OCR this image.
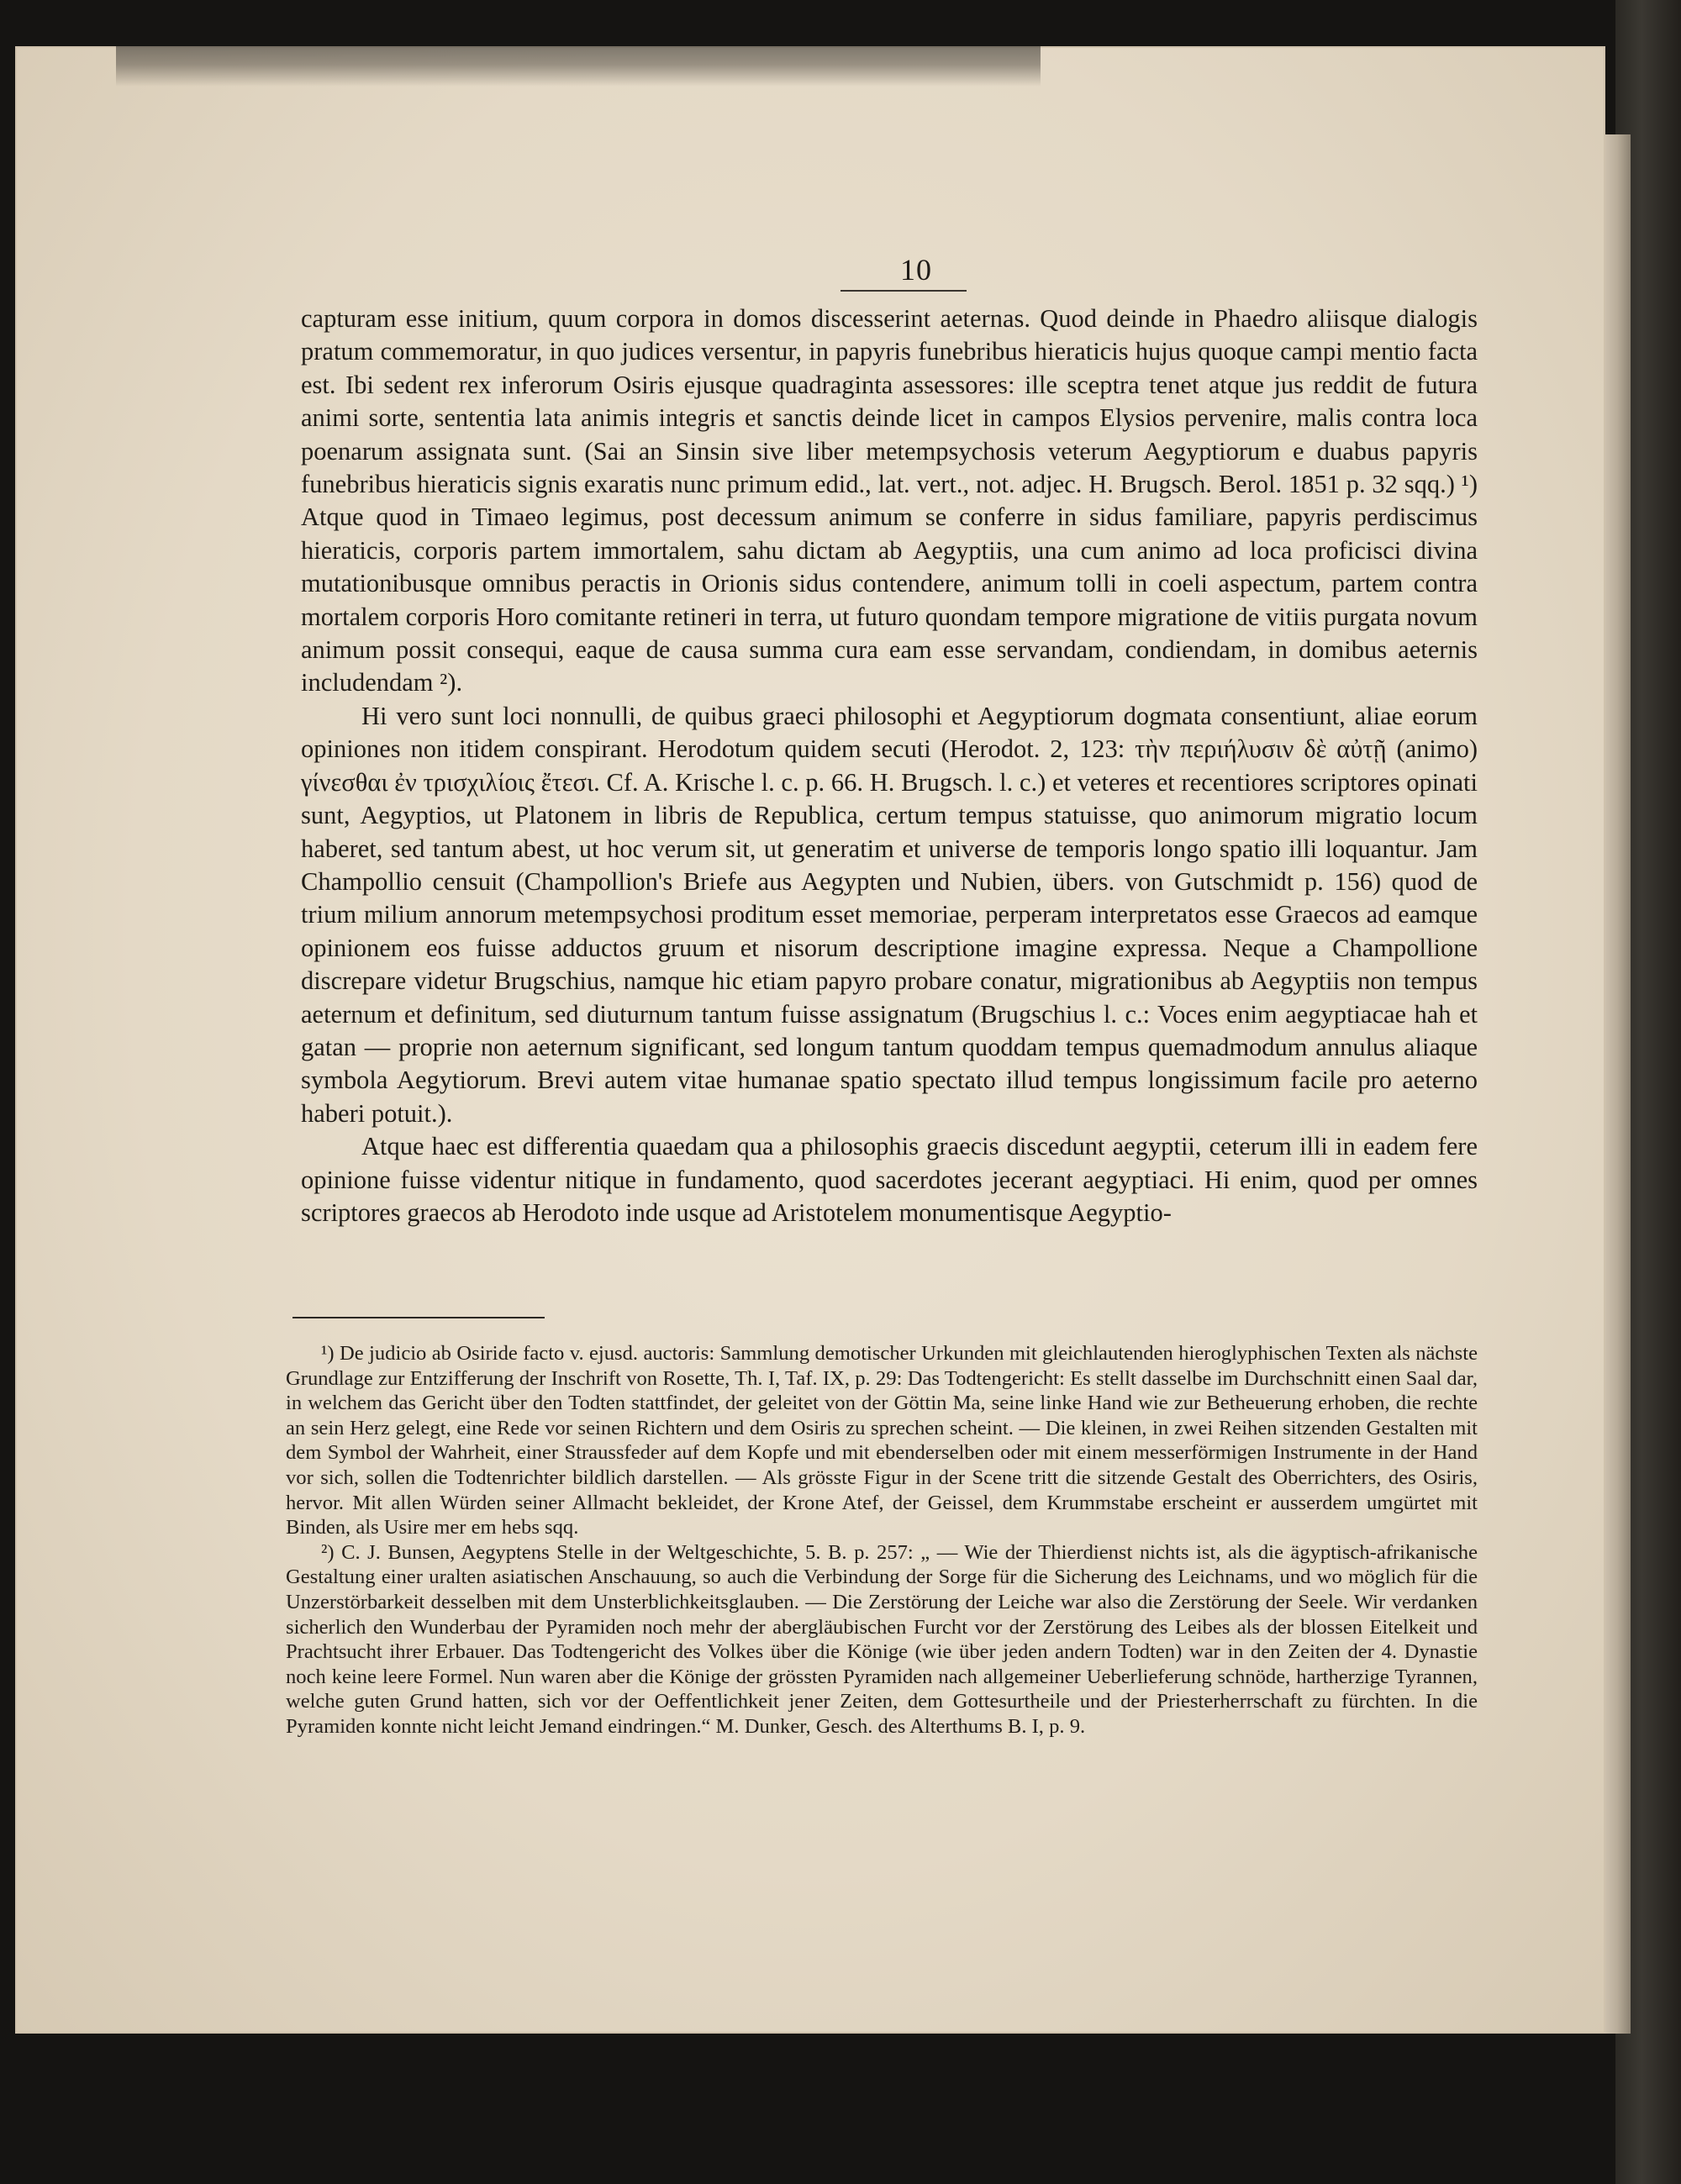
10

capturam esse initium, quum corpora in domos discesserint aeternas. Quod deinde in Phaedro aliisque dialogis pratum commemoratur, in quo judices versentur, in papyris funebribus hieraticis hujus quoque campi mentio facta est. Ibi sedent rex inferorum Osiris ejusque quadraginta assessores: ille sceptra tenet atque jus reddit de futura animi sorte, sententia lata animis integris et sanctis deinde licet in campos Elysios pervenire, malis contra loca poenarum assignata sunt. (Sai an Sinsin sive liber metempsychosis veterum Aegyptiorum e duabus papyris funebribus hieraticis signis exaratis nunc primum edid., lat. vert., not. adjec. H. Brugsch. Berol. 1851 p. 32 sqq.) ¹) Atque quod in Timaeo legimus, post decessum animum se conferre in sidus familiare, papyris perdiscimus hieraticis, corporis partem immortalem, sahu dictam ab Aegyptiis, una cum animo ad loca proficisci divina mutationibusque omnibus peractis in Orionis sidus contendere, animum tolli in coeli aspectum, partem contra mortalem corporis Horo comitante retineri in terra, ut futuro quondam tempore migratione de vitiis purgata novum animum possit consequi, eaque de causa summa cura eam esse servandam, condiendam, in domibus aeternis includendam ²).

Hi vero sunt loci nonnulli, de quibus graeci philosophi et Aegyptiorum dogmata consentiunt, aliae eorum opiniones non itidem conspirant. Herodotum quidem secuti (Herodot. 2, 123: τὴν περιήλυσιν δὲ αὐτῇ (animo) γίνεσθαι ἐν τρισχιλίοις ἔτεσι. Cf. A. Krische l. c. p. 66. H. Brugsch. l. c.) et veteres et recentiores scriptores opinati sunt, Aegyptios, ut Platonem in libris de Republica, certum tempus statuisse, quo animorum migratio locum haberet, sed tantum abest, ut hoc verum sit, ut generatim et universe de temporis longo spatio illi loquantur. Jam Champollio censuit (Champollion's Briefe aus Aegypten und Nubien, übers. von Gutschmidt p. 156) quod de trium milium annorum metempsychosi proditum esset memoriae, perperam interpretatos esse Graecos ad eamque opinionem eos fuisse adductos gruum et nisorum descriptione imagine expressa. Neque a Champollione discrepare videtur Brugschius, namque hic etiam papyro probare conatur, migrationibus ab Aegyptiis non tempus aeternum et definitum, sed diuturnum tantum fuisse assignatum (Brugschius l. c.: Voces enim aegyptiacae hah et gatan — proprie non aeternum significant, sed longum tantum quoddam tempus quemadmodum annulus aliaque symbola Aegytiorum. Brevi autem vitae humanae spatio spectato illud tempus longissimum facile pro aeterno haberi potuit.).

Atque haec est differentia quaedam qua a philosophis graecis discedunt aegyptii, ceterum illi in eadem fere opinione fuisse videntur nitique in fundamento, quod sacerdotes jecerant aegyptiaci. Hi enim, quod per omnes scriptores graecos ab Herodoto inde usque ad Aristotelem monumentisque Aegyptio-

¹) De judicio ab Osiride facto v. ejusd. auctoris: Sammlung demotischer Urkunden mit gleichlautenden hieroglyphischen Texten als nächste Grundlage zur Entzifferung der Inschrift von Rosette, Th. I, Taf. IX, p. 29: Das Todtengericht: Es stellt dasselbe im Durchschnitt einen Saal dar, in welchem das Gericht über den Todten stattfindet, der geleitet von der Göttin Ma, seine linke Hand wie zur Betheuerung erhoben, die rechte an sein Herz gelegt, eine Rede vor seinen Richtern und dem Osiris zu sprechen scheint. — Die kleinen, in zwei Reihen sitzenden Gestalten mit dem Symbol der Wahrheit, einer Straussfeder auf dem Kopfe und mit ebenderselben oder mit einem messerförmigen Instrumente in der Hand vor sich, sollen die Todtenrichter bildlich darstellen. — Als grösste Figur in der Scene tritt die sitzende Gestalt des Oberrichters, des Osiris, hervor. Mit allen Würden seiner Allmacht bekleidet, der Krone Atef, der Geissel, dem Krummstabe erscheint er ausserdem umgürtet mit Binden, als Usire mer em hebs sqq.

²) C. J. Bunsen, Aegyptens Stelle in der Weltgeschichte, 5. B. p. 257: „ — Wie der Thierdienst nichts ist, als die ägyptisch-afrikanische Gestaltung einer uralten asiatischen Anschauung, so auch die Verbindung der Sorge für die Sicherung des Leichnams, und wo möglich für die Unzerstörbarkeit desselben mit dem Unsterblichkeitsglauben. — Die Zerstörung der Leiche war also die Zerstörung der Seele. Wir verdanken sicherlich den Wunderbau der Pyramiden noch mehr der abergläubischen Furcht vor der Zerstörung des Leibes als der blossen Eitelkeit und Prachtsucht ihrer Erbauer. Das Todtengericht des Volkes über die Könige (wie über jeden andern Todten) war in den Zeiten der 4. Dynastie noch keine leere Formel. Nun waren aber die Könige der grössten Pyramiden nach allgemeiner Ueberlieferung schnöde, hartherzige Tyrannen, welche guten Grund hatten, sich vor der Oeffentlichkeit jener Zeiten, dem Gottesurtheile und der Priesterherrschaft zu fürchten. In die Pyramiden konnte nicht leicht Jemand eindringen.“ M. Dunker, Gesch. des Alterthums B. I, p. 9.
